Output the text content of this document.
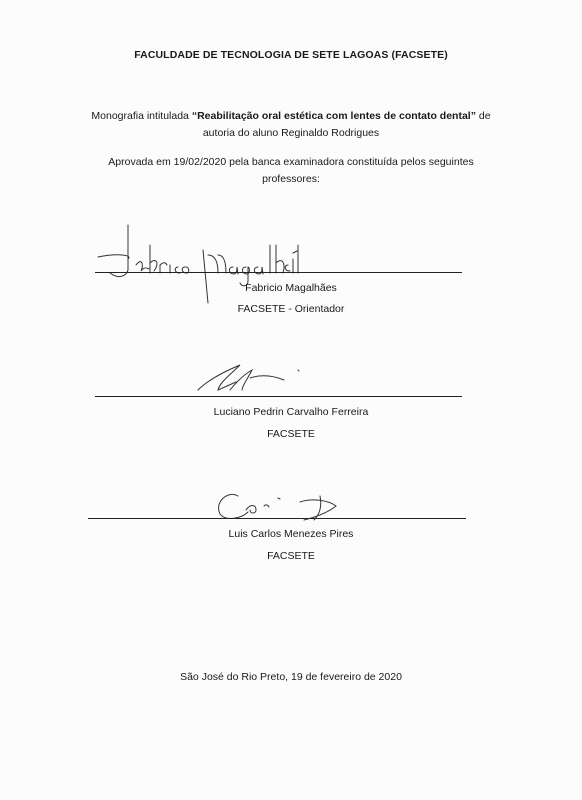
FACULDADE DE TECNOLOGIA DE SETE LAGOAS (FACSETE)
Monografia intitulada “Reabilitação oral estética com lentes de contato dental” de
autoria do aluno Reginaldo Rodrigues
Aprovada em 19/02/2020 pela banca examinadora constituída pelos seguintes
professores:
Fabricio Magalhães
FACSETE - Orientador
Luciano Pedrin Carvalho Ferreira
FACSETE
Luis Carlos Menezes Pires
FACSETE
São José do Rio Preto, 19 de fevereiro de 2020
